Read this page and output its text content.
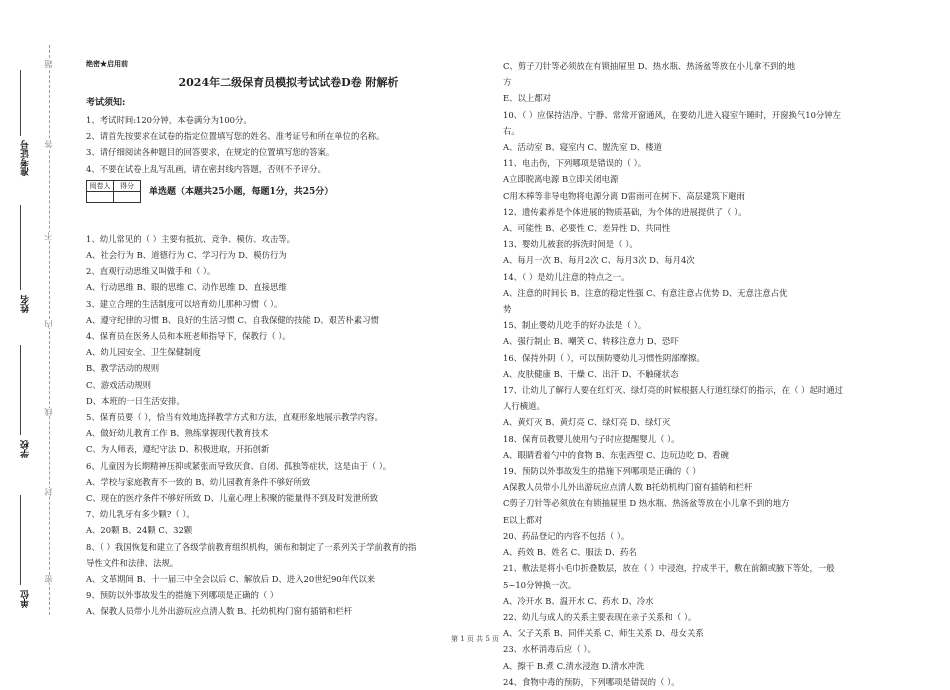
准考证号
姓名
学校
单位
题
答
不
内
线
封
密
绝密★启用前
2024年二级保育员模拟考试试卷D卷 附解析
考试须知:
1、考试时间:120分钟，本卷满分为100分。
2、请首先按要求在试卷的指定位置填写您的姓名、准考证号和所在单位的名称。
3、请仔细阅读各种题目的回答要求，在规定的位置填写您的答案。
4、不要在试卷上乱写乱画，请在密封线内答题，否则不予评分。
阅卷人	得分

单选题（本题共25小题，每题1分，共25分）
1、幼儿常见的（ ）主要有抵抗、竞争、模仿、攻击等。
A、社会行为 B、道德行为 C、学习行为 D、模仿行为
2、直观行动思维又叫做手和（ ）。
A、行动思维 B、眼的思维 C、动作思维 D、直接思维
3、建立合理的生活制度可以培育幼儿那种习惯（ ）。
A、遵守纪律的习惯 B、良好的生活习惯 C、自我保健的技能 D、艰苦朴素习惯
4、保育员在医务人员和本班老师指导下，保教行（ ）。
A、幼儿园安全、卫生保健制度
B、教学活动的规则
C、游戏活动规则
D、本班的一日生活安排。
5、保育员要（ ），恰当有效地选择教学方式和方法，直观形象地展示教学内容。
A、做好幼儿教育工作 B、熟练掌握现代教育技术
C、为人师表，遵纪守法 D、积极进取，开拓创新
6、儿童因为长期精神压抑或紧张而导致厌食、自闭、孤独等症状，这是由于（ ）。
A、学校与家庭教育不一致的 B、幼儿园教育条件不够好所致
C、现在的医疗条件不够好所致 D、儿童心理上积聚的能量得不到及时发泄所致
7、幼儿乳牙有多少颗?（ ）。
A、20颗 B、24颗 C、32颗
8、（ ）我国恢复和建立了各级学前教育组织机构，颁布和制定了一系列关于学前教育的指
导性文件和法律、法规。
A、文革期间 B、十一届三中全会以后 C、解放后 D、进入20世纪90年代以来
9、预防以外事故发生的措施下列哪项是正确的（ ）
A、保教人员带小儿外出游玩应点清人数 B、托幼机构门窗有插销和栏杆
C、剪子刀针等必须放在有锁抽屉里 D、热水瓶、热汤盆等放在小儿拿不到的地
方
E、以上都对
10、（ ）应保持洁净、宁静、常常开窗通风，在要幼儿进入寝室午睡时，开窗换气10分钟左
右。
A、活动室 B、寝室内 C、盥洗室 D、楼道
11、电击伤，下列哪项是错误的（ ）。
A立即脱离电源 B立即关闭电源
C用木棒等非导电物将电源分离 D雷雨可在树下、高层建筑下避雨
12、遗传素养是个体进展的物质基础，为个体的进展提供了（ ）。
A、可能性 B、必要性 C、差异性 D、共同性
13、婴幼儿被套的拆洗时间是（ ）。
A、每月一次 B、每月2次 C、每月3次 D、每月4次
14、（ ）是幼儿注意的特点之一。
A、注意的时间长 B、注意的稳定性强 C、有意注意占优势 D、无意注意占优
势
15、制止婴幼儿吃手的好办法是（ ）。
A、强行制止 B、嘲笑 C、转移注意力 D、恐吓
16、保持外阴（ ），可以预防婴幼儿习惯性阴部摩擦。
A、皮肤健康 B、干燥 C、出汗 D、不触碰状态
17、让幼儿了解行人要在红灯灭、绿灯亮的时候根据人行道红绿灯的指示，在（ ）起时通过
人行横道。
A、黄灯灭 B、黄灯亮 C、绿灯亮 D、绿灯灭
18、保育员教婴儿使用勺子时应提醒婴儿（ ）。
A、眼睛看着勺中的食物 B、东张西望 C、边玩边吃 D、看碗
19、预防以外事故发生的措施下列哪项是正确的（ ）
A保教人员带小儿外出游玩应点清人数 B托幼机构门窗有插销和栏杆
C剪子刀针等必须放在有锁抽屉里 D 热水瓶、热汤盆等放在小儿拿不到的地方
E以上都对
20、药品登记的内容不包括（ ）。
A、药效 B、姓名 C、服法 D、药名
21、敷法是将小毛巾折叠数层，放在（ ）中浸泡，拧成半干，敷在前额或腋下等处，一般
5~10分钟换一次。
A、冷开水 B、温开水 C、药水 D、冷水
22、幼儿与成人的关系主要表现在亲子关系和（ ）。
A、父子关系 B、同伴关系 C、师生关系 D、母女关系
23、水杯消毒后应（ ）。
A、擦干 B.煮 C.清水浸泡 D.清水冲洗
24、食物中毒的预防，下列哪项是错误的（ ）。
第 1 页 共 5 页
